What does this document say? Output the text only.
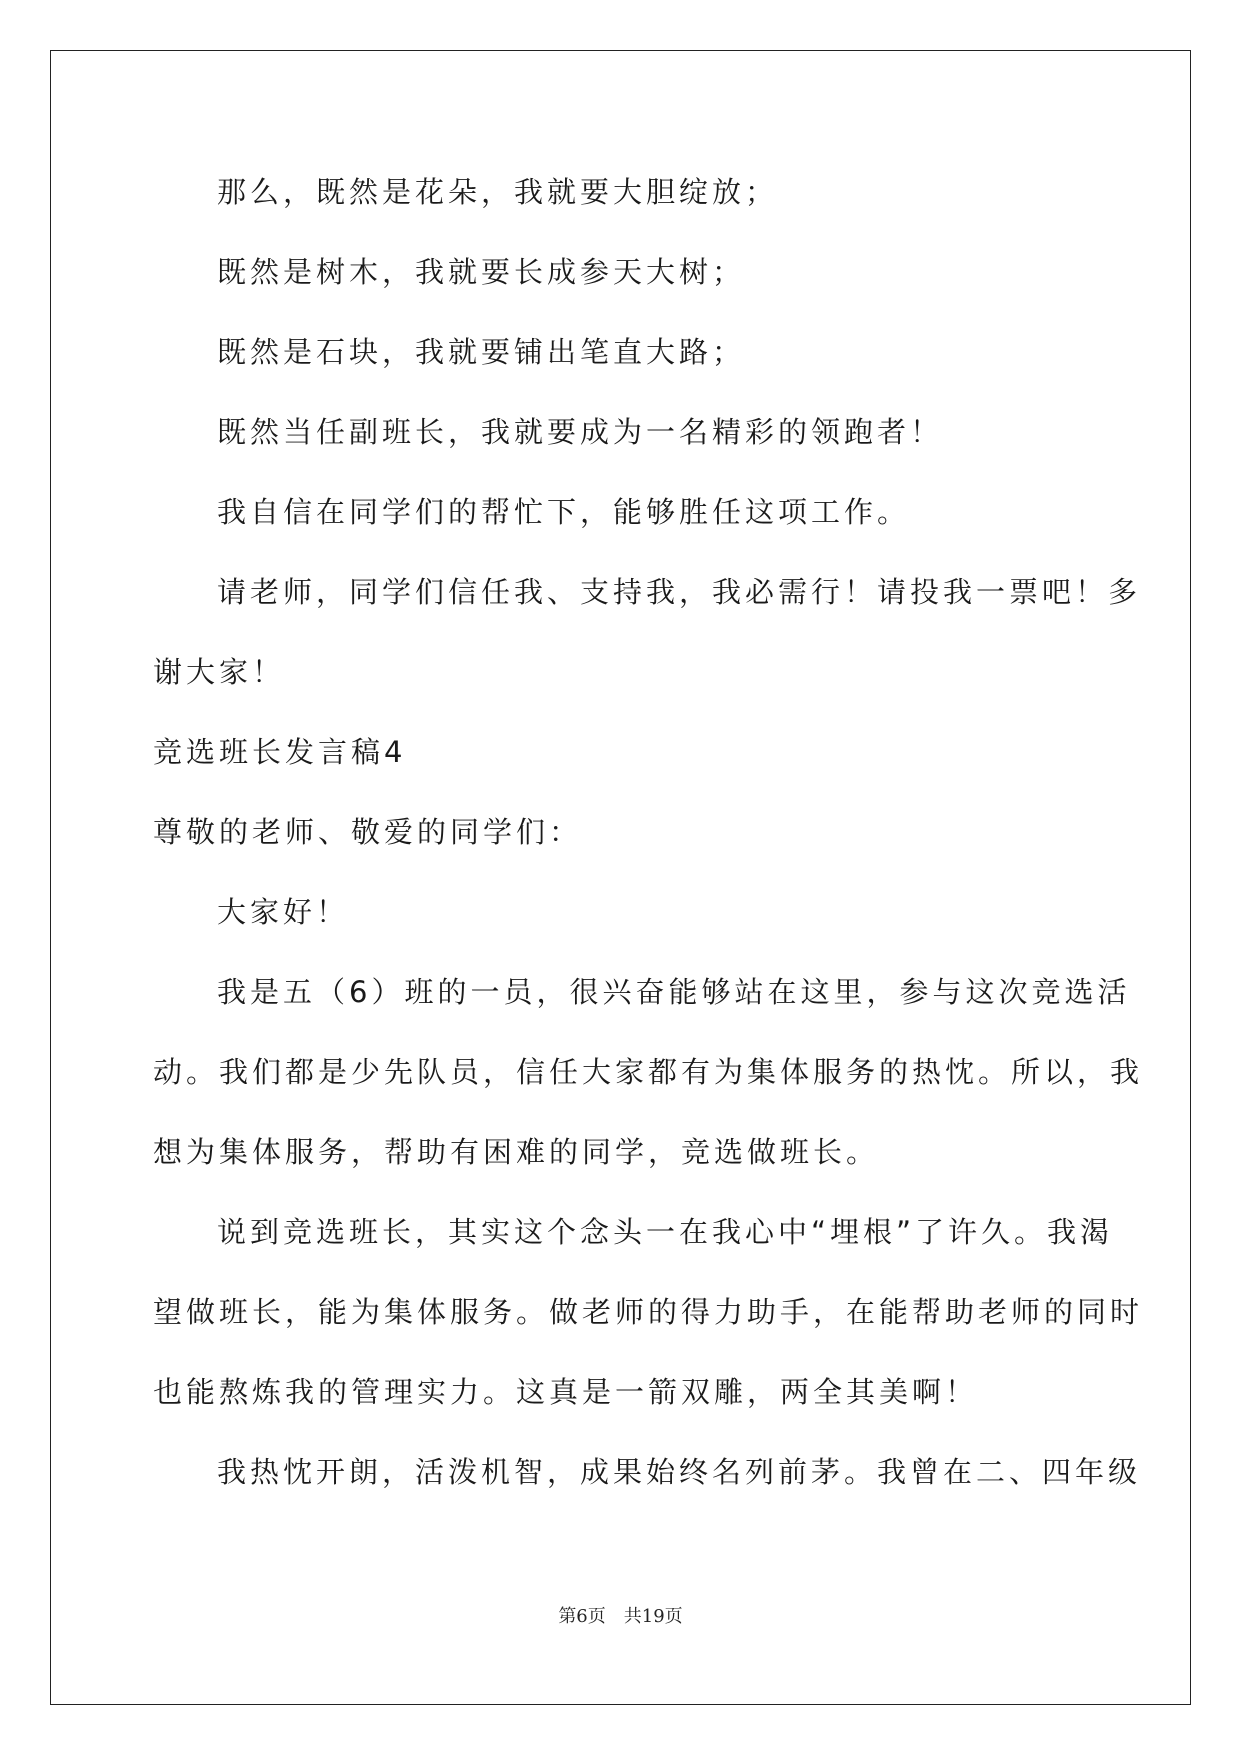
那么，既然是花朵，我就要大胆绽放；
既然是树木，我就要长成参天大树；
既然是石块，我就要铺出笔直大路；
既然当任副班长，我就要成为一名精彩的领跑者！
我自信在同学们的帮忙下，能够胜任这项工作。
请老师，同学们信任我、支持我，我必需行！请投我一票吧！多
谢大家！
竞选班长发言稿4
尊敬的老师、敬爱的同学们：
大家好！
我是五（6）班的一员，很兴奋能够站在这里，参与这次竞选活
动。我们都是少先队员，信任大家都有为集体服务的热忱。所以，我
想为集体服务，帮助有困难的同学，竞选做班长。
说到竞选班长，其实这个念头一在我心中“埋根”了许久。我渴
望做班长，能为集体服务。做老师的得力助手，在能帮助老师的同时
也能熬炼我的管理实力。这真是一箭双雕，两全其美啊！
我热忱开朗，活泼机智，成果始终名列前茅。我曾在二、四年级
第6页　共19页
